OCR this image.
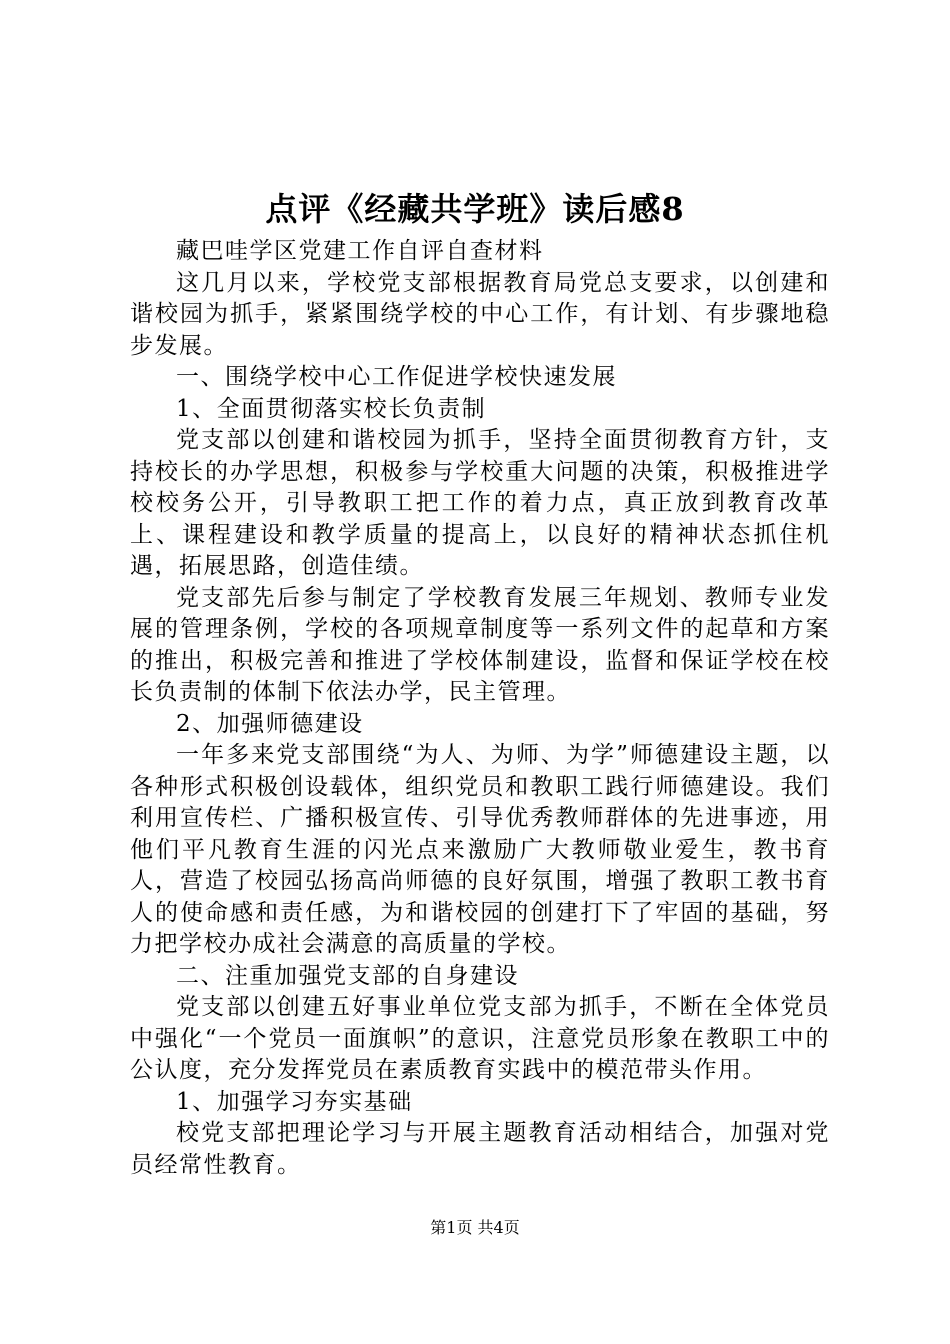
点评《经藏共学班》读后感8

藏巴哇学区党建工作自评自查材料

这几月以来，学校党支部根据教育局党总支要求，以创建和谐校园为抓手，紧紧围绕学校的中心工作，有计划、有步骤地稳步发展。

一、围绕学校中心工作促进学校快速发展

1、全面贯彻落实校长负责制

党支部以创建和谐校园为抓手，坚持全面贯彻教育方针，支持校长的办学思想，积极参与学校重大问题的决策，积极推进学校校务公开，引导教职工把工作的着力点，真正放到教育改革上、课程建设和教学质量的提高上，以良好的精神状态抓住机遇，拓展思路，创造佳绩。

党支部先后参与制定了学校教育发展三年规划、教师专业发展的管理条例，学校的各项规章制度等一系列文件的起草和方案的推出，积极完善和推进了学校体制建设，监督和保证学校在校长负责制的体制下依法办学，民主管理。

2、加强师德建设

一年多来党支部围绕“为人、为师、为学”师德建设主题，以各种形式积极创设载体，组织党员和教职工践行师德建设。我们利用宣传栏、广播积极宣传、引导优秀教师群体的先进事迹，用他们平凡教育生涯的闪光点来激励广大教师敬业爱生，教书育人，营造了校园弘扬高尚师德的良好氛围，增强了教职工教书育人的使命感和责任感，为和谐校园的创建打下了牢固的基础，努力把学校办成社会满意的高质量的学校。

二、注重加强党支部的自身建设

党支部以创建五好事业单位党支部为抓手，不断在全体党员中强化“一个党员一面旗帜”的意识，注意党员形象在教职工中的公认度，充分发挥党员在素质教育实践中的模范带头作用。

1、加强学习夯实基础

校党支部把理论学习与开展主题教育活动相结合，加强对党员经常性教育。

第1页 共4页
